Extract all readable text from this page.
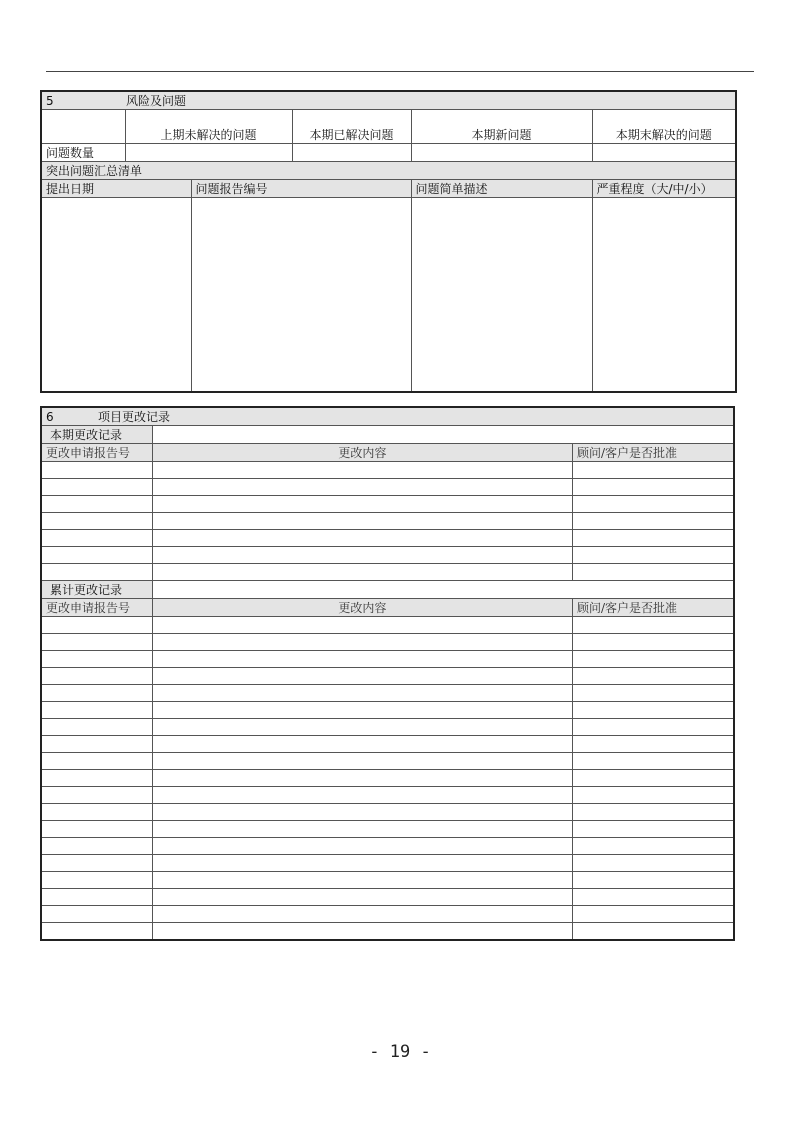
5 风险及问题					
	上期未解决的问题		本期已解决问题	本期新问题	本期末解决的问题
问题数量					
突出问题汇总清单					
提出日期		问题报告编号		问题简单描述	严重程度（大/中/小）

6 项目更改记录		
本期更改记录		
更改申请报告号	更改内容	顾问/客户是否批准

累计更改记录		
更改申请报告号	更改内容	顾问/客户是否批准

- 19 -
